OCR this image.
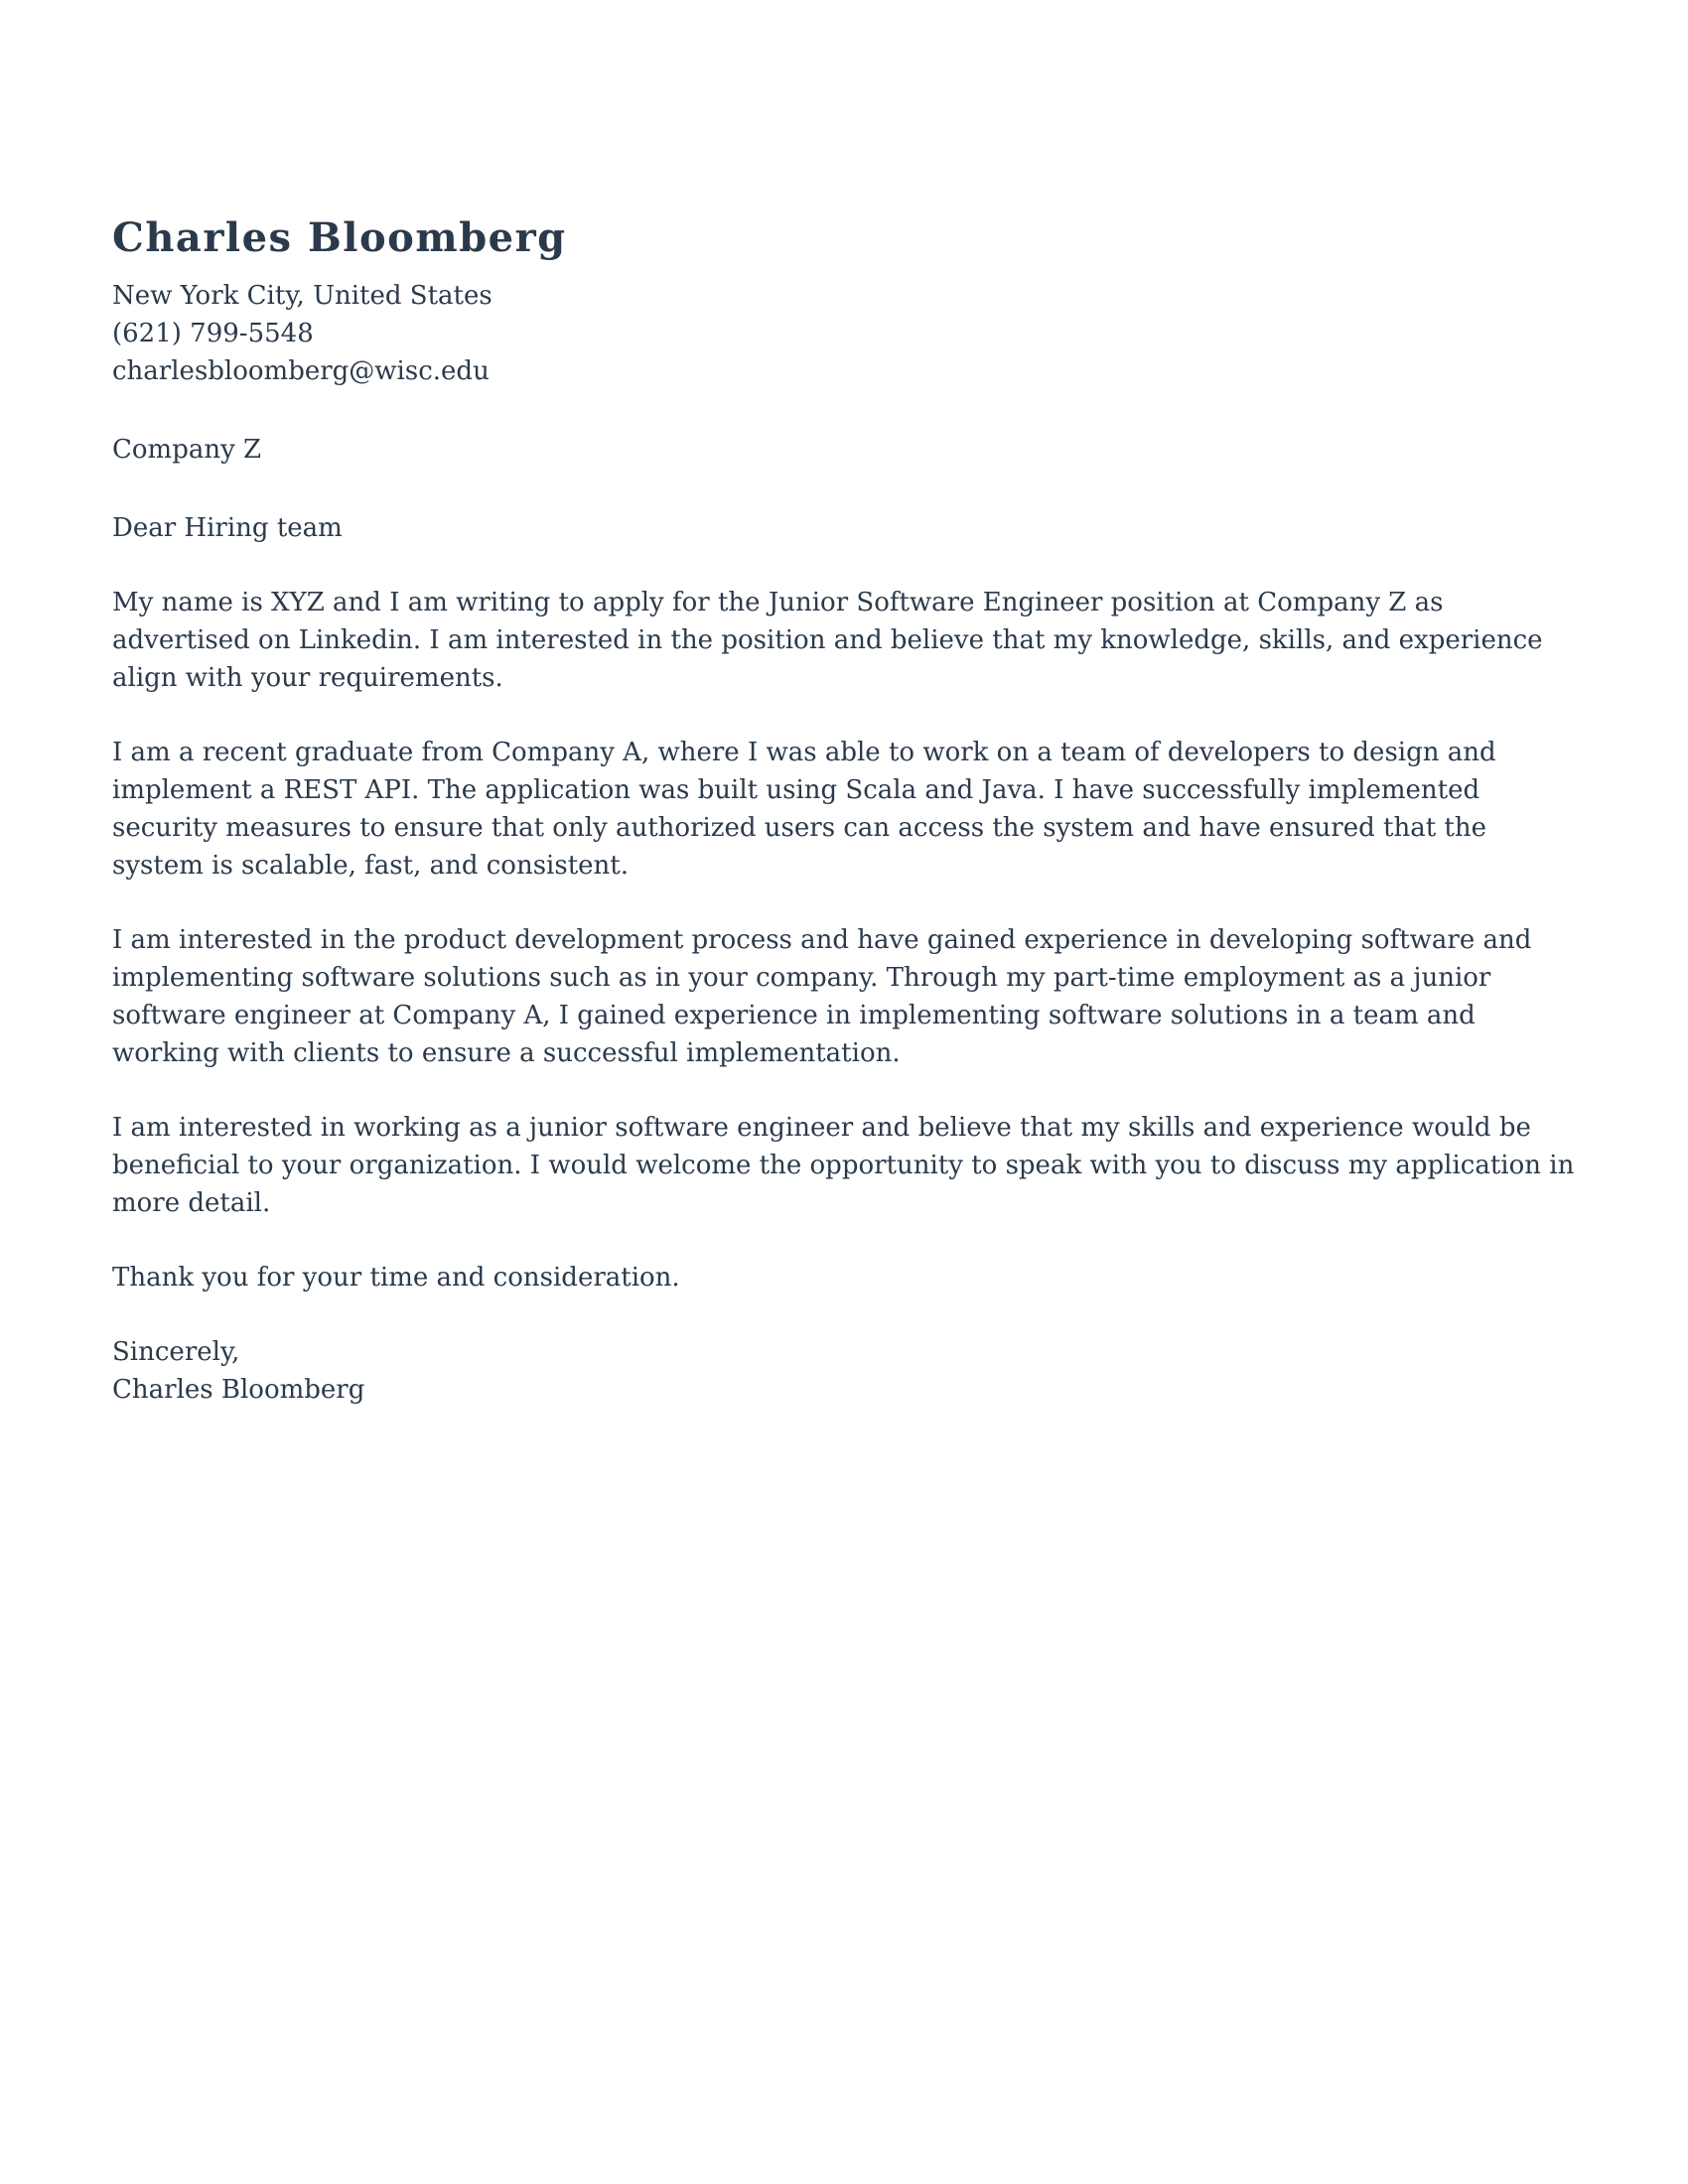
Charles Bloomberg

New York City, United States

(621) 799-5548

charlesbloomberg@wisc.edu

Company Z

Dear Hiring team

My name is XYZ and I am writing to apply for the Junior Software Engineer position at Company Z as advertised on Linkedin. I am interested in the position and believe that my knowledge, skills, and experience align with your requirements.

I am a recent graduate from Company A, where I was able to work on a team of developers to design and implement a REST API. The application was built using Scala and Java. I have successfully implemented security measures to ensure that only authorized users can access the system and have ensured that the system is scalable, fast, and consistent.

I am interested in the product development process and have gained experience in developing software and implementing software solutions such as in your company. Through my part-time employment as a junior software engineer at Company A, I gained experience in implementing software solutions in a team and working with clients to ensure a successful implementation.

I am interested in working as a junior software engineer and believe that my skills and experience would be beneficial to your organization. I would welcome the opportunity to speak with you to discuss my application in more detail.

Thank you for your time and consideration.

Sincerely,

Charles Bloomberg
